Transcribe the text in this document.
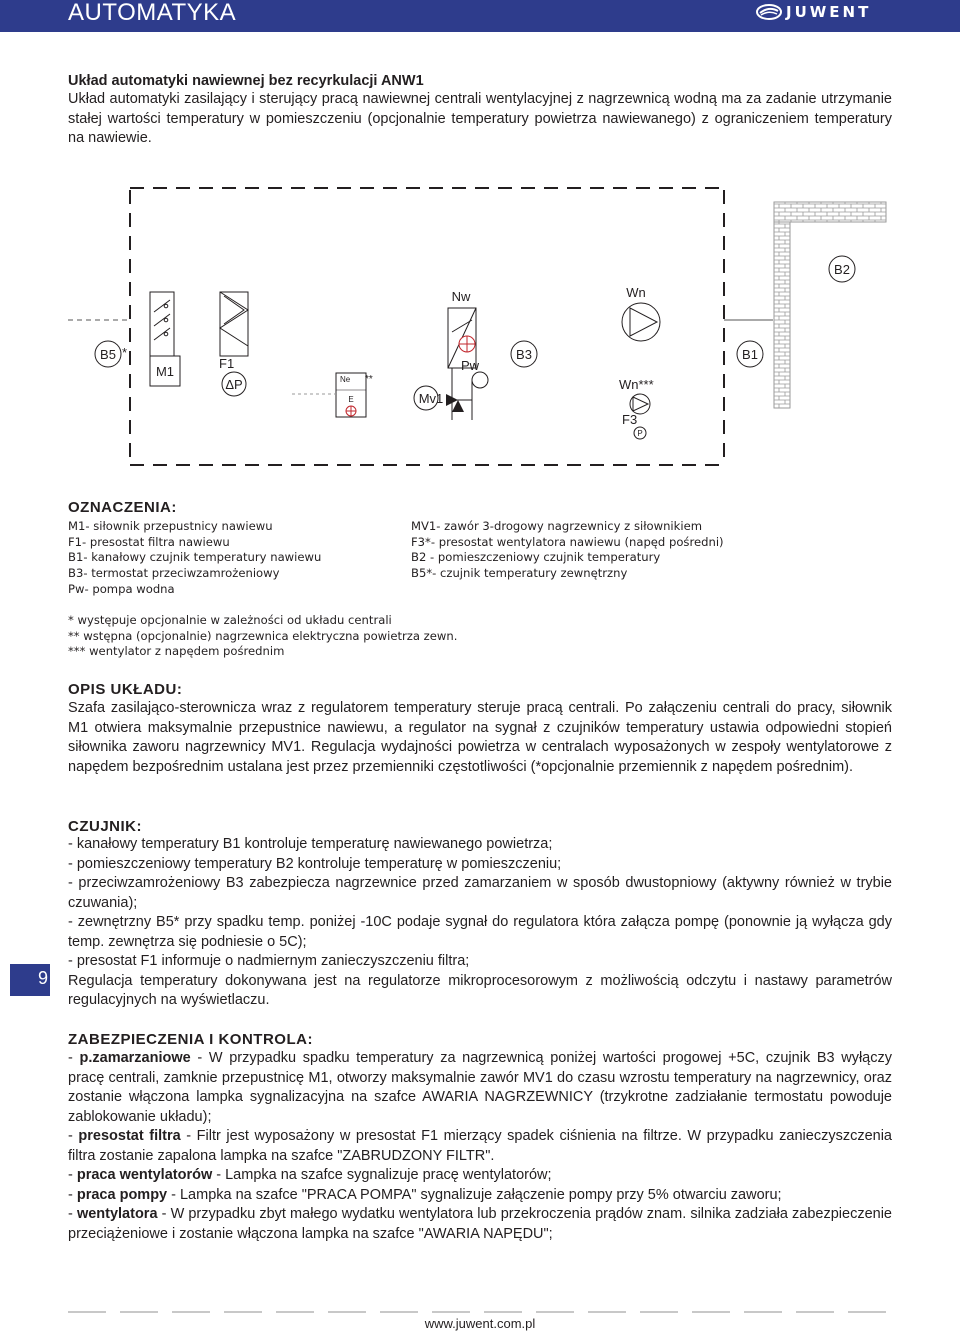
AUTOMATYKA	JUWENT
Układ automatyki nawiewnej bez recyrkulacji ANW1
Układ automatyki zasilający i sterujący pracą nawiewnej centrali wentylacyjnej z nagrzewnicą wodną ma za zadanie utrzymanie stałej wartości temperatury w pomieszczeniu (opcjonalnie temperatury powietrza nawiewanego) z ograniczeniem temperatury na nawiewie.
B2
B5 *
M1
F1
ΔP	Ne **
E
Nw
Pw
Mv1
B3
Wn
Wn***
F3
P
B1
OZNACZENIA:
M1- siłownik przepustnicy nawiewu
F1- presostat filtra nawiewu
B1- kanałowy czujnik temperatury nawiewu
B3- termostat przeciwzamrożeniowy
Pw- pompa wodna
MV1- zawór 3-drogowy nagrzewnicy z siłownikiem
F3*- presostat wentylatora nawiewu (napęd pośredni)
B2 - pomieszczeniowy czujnik temperatury
B5*- czujnik temperatury zewnętrzny
* występuje opcjonalnie w zależności od układu centrali
** wstępna (opcjonalnie) nagrzewnica elektryczna powietrza zewn.
*** wentylator z napędem pośrednim
OPIS UKŁADU:
Szafa zasilająco-sterownicza wraz z regulatorem temperatury steruje pracą centrali. Po załączeniu centrali do pracy, siłownik M1 otwiera maksymalnie przepustnice nawiewu, a regulator na sygnał z czujników temperatury ustawia odpowiedni stopień siłownika zaworu nagrzewnicy MV1. Regulacja wydajności powietrza w centralach wyposażonych w zespoły wentylatorowe z napędem bezpośrednim ustalana jest przez przemienniki częstotliwości (*opcjonalnie przemiennik z napędem pośrednim).
CZUJNIK:

- kanałowy temperatury B1 kontroluje temperaturę nawiewanego powietrza;

- pomieszczeniowy temperatury B2 kontroluje temperaturę w pomieszczeniu;

- przeciwzamrożeniowy B3 zabezpiecza nagrzewnice przed zamarzaniem w sposób dwustopniowy (aktywny również w trybie czuwania);

- zewnętrzny B5* przy spadku temp. poniżej -10C podaje sygnał do regulatora która załącza pompę (ponownie ją wyłącza gdy temp. zewnętrza się podniesie o 5C);

- presostat F1 informuje o nadmiernym zanieczyszczeniu filtra;

Regulacja temperatury dokonywana jest na regulatorze mikroprocesorowym z możliwością odczytu i nastawy parametrów regulacyjnych na wyświetlaczu.

9
ZABEZPIECZENIA I KONTROLA:

- p.zamarzaniowe - W przypadku spadku temperatury za nagrzewnicą poniżej wartości progowej +5C, czujnik B3 wyłączy pracę centrali, zamknie przepustnicę M1, otworzy maksymalnie zawór MV1 do czasu wzrostu temperatury na nagrzewnicy, oraz zostanie włączona lampka sygnalizacyjna na szafce AWARIA NAGRZEWNICY (trzykrotne zadziałanie termostatu powoduje zablokowanie układu);

- presostat filtra - Filtr jest wyposażony w presostat F1 mierzący spadek ciśnienia na filtrze. W przypadku zanieczyszczenia filtra zostanie zapalona lampka na szafce "ZABRUDZONY FILTR".

- praca wentylatorów - Lampka na szafce sygnalizuje pracę wentylatorów;

- praca pompy - Lampka na szafce "PRACA POMPA" sygnalizuje załączenie pompy przy 5% otwarciu zaworu;

- wentylatora - W przypadku zbyt małego wydatku wentylatora lub przekroczenia prądów znam. silnika zadziała zabezpieczenie przeciążeniowe i zostanie włączona lampka na szafce "AWARIA NAPĘDU";

www.juwent.com.pl
